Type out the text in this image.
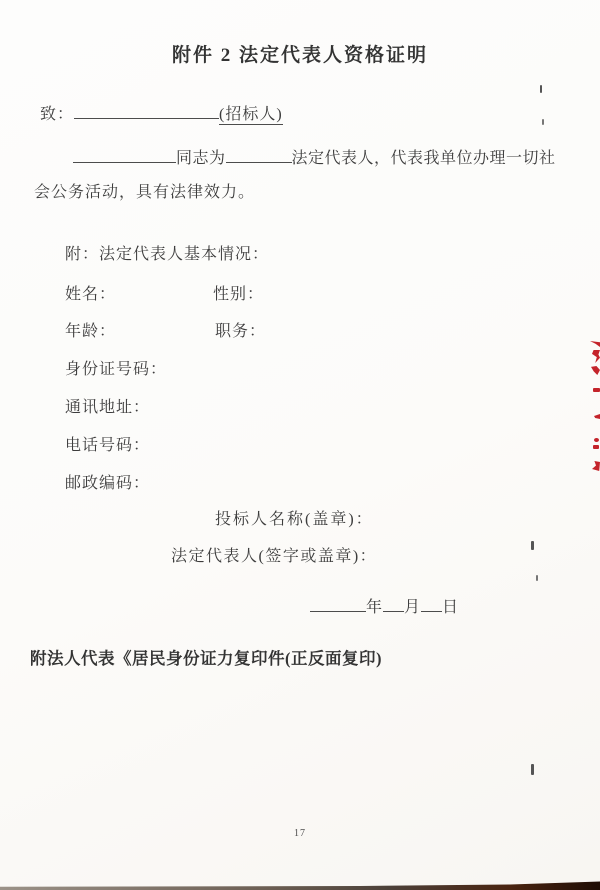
附件 2 法定代表人资格证明
致：	(招标人)
同志为	法定代表人，代表我单位办理一切社
会公务活动，具有法律效力。
附：法定代表人基本情况：
姓名：	性别：
年龄：	职务：
身份证号码：
通讯地址：
电话号码：
邮政编码：
投标人名称(盖章)：
法定代表人(签字或盖章)：
年 月 日
附法人代表《居民身份证力复印件(正反面复印)
17
